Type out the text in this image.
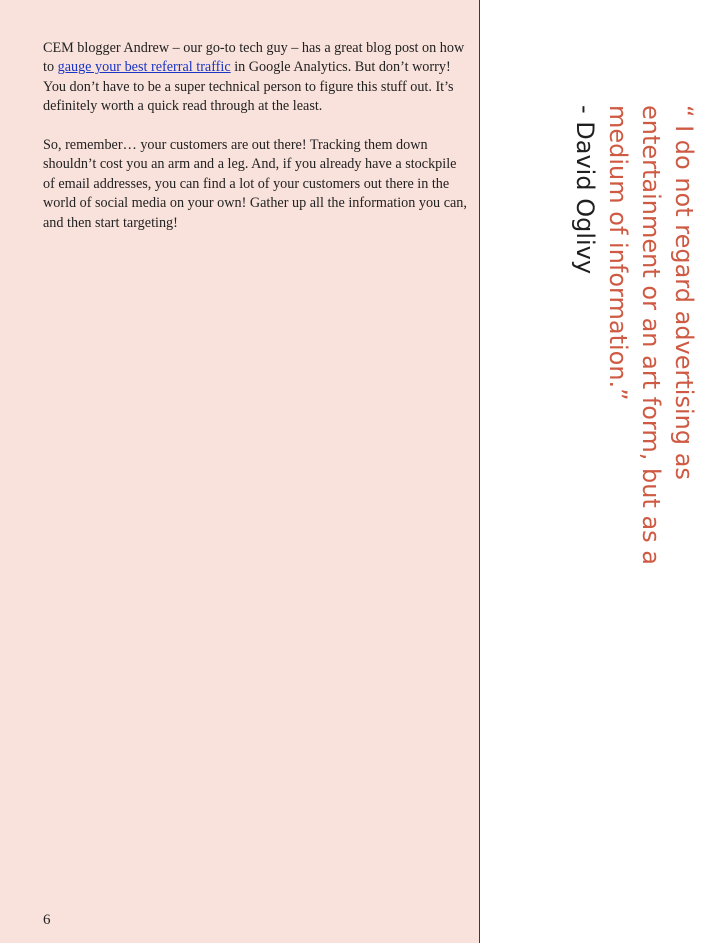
CEM blogger Andrew – our go-to tech guy – has a great blog post on how to gauge your best referral traffic in Google Analytics. But don’t worry! You don’t have to be a super technical person to figure this stuff out. It’s definitely worth a quick read through at the least.

So, remember… your customers are out there! Tracking them down shouldn’t cost you an arm and a leg. And, if you already have a stockpile of email addresses, you can find a lot of your customers out there in the world of social media on your own! Gather up all the information you can, and then start targeting!

6
“ I do not regard advertising as
entertainment or an art form, but as a
medium of information.”
- David Oglivy
